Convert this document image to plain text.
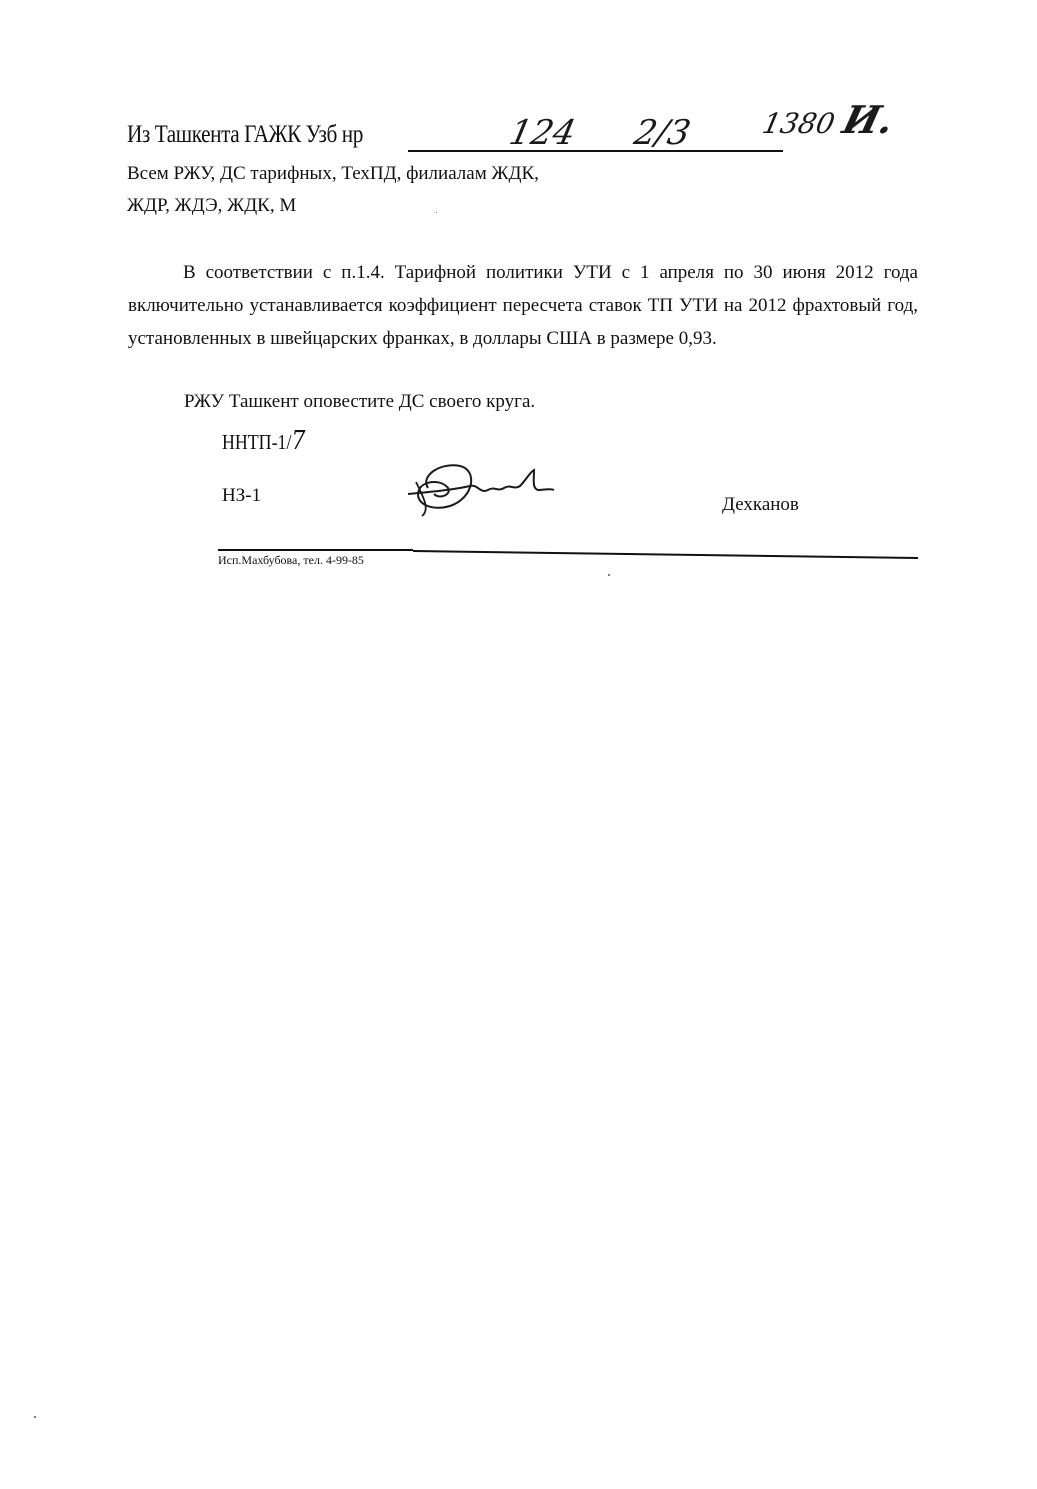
Из Ташкента ГАЖК Узб нр	124 2/3 1380 И.
Всем РЖУ, ДС тарифных, ТехПД, филиалам ЖДК,
ЖДР, ЖДЭ, ЖДК, М

В соответствии с п.1.4. Тарифной политики УТИ с 1 апреля по 30 июня 2012 года включительно устанавливается коэффициент пересчета ставок ТП УТИ на 2012 фрахтовый год, установленных в швейцарских франках, в доллары США в размере 0,93.

РЖУ Ташкент оповестите ДС своего круга.
ННТП-1/7
НЗ-1	Дехканов
Исп.Махбубова, тел. 4-99-85
